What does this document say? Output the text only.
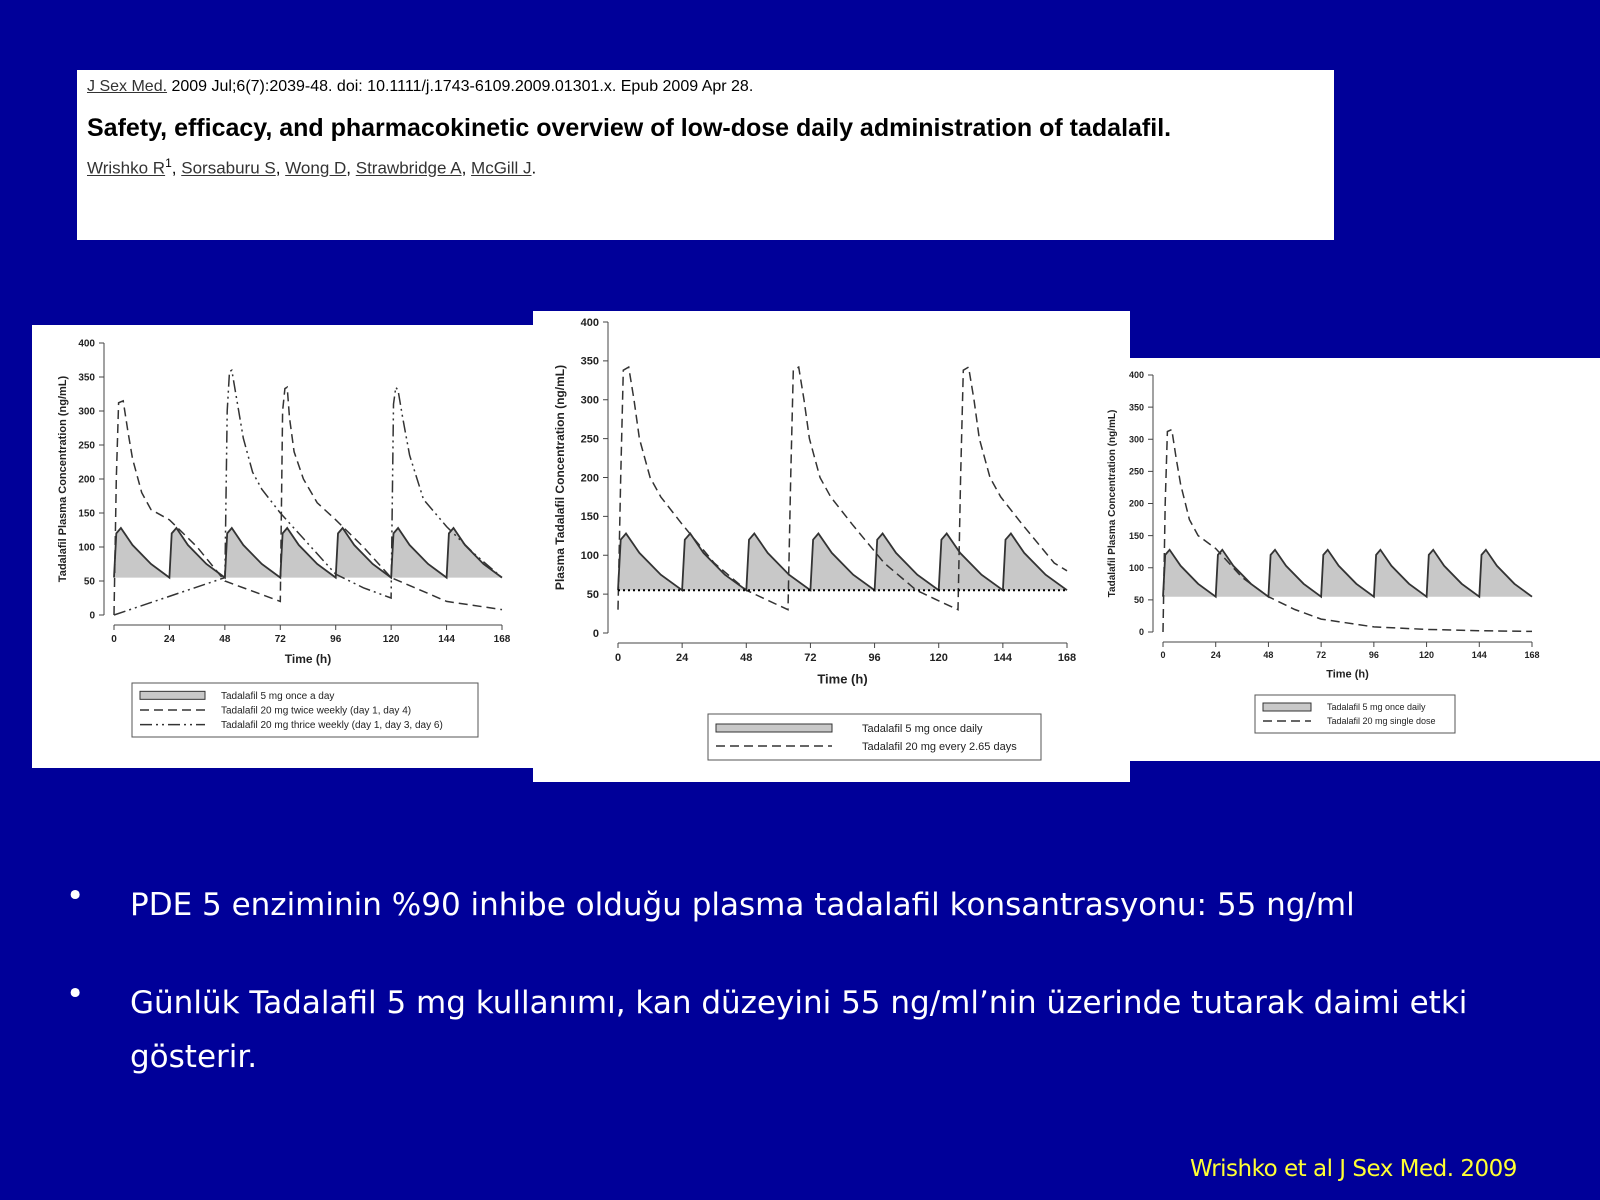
J Sex Med. 2009 Jul;6(7):2039-48. doi: 10.1111/j.1743-6109.2009.01301.x. Epub 2009 Apr 28.
Safety, efficacy, and pharmacokinetic overview of low-dose daily administration of tadalafil.
Wrishko $R^1$, Sorsaburu S, Wong D, Strawbridge A, McGill J.
0
50
100
150
200
250
300
350
400
0	24	48	72	96	120	144	168
Time (h)
Tadalafil Plasma Concentration (ng/mL)
Tadalafil 5 mg once a day
Tadalafil 20 mg twice weekly (day 1, day 4)
Tadalafil 20 mg thrice weekly (day 1, day 3, day 6)
0
50
100
150
200
250
300
350
400
0	24	48	72	96	120	144	168
Time (h)
Plasma Tadalafil Concentration (ng/mL)
Tadalafil 5 mg once daily
Tadalafil 20 mg every 2.65 days
0
50
100
150
200
250
300
350
400
0	24	48	72	96	120	144	168
Time (h)
Tadalafil Plasma Concentration (ng/mL)
Tadalafil 5 mg once daily
Tadalafil 20 mg single dose
•	PDE 5 enziminin %90 inhibe olduğu plasma tadalafil konsantrasyonu: 55 ng/ml
•	Günlük Tadalafil 5 mg kullanımı, kan düzeyini 55 ng/ml’nin üzerinde tutarak daimi etki gösterir.
Wrishko et al J Sex Med. 2009
